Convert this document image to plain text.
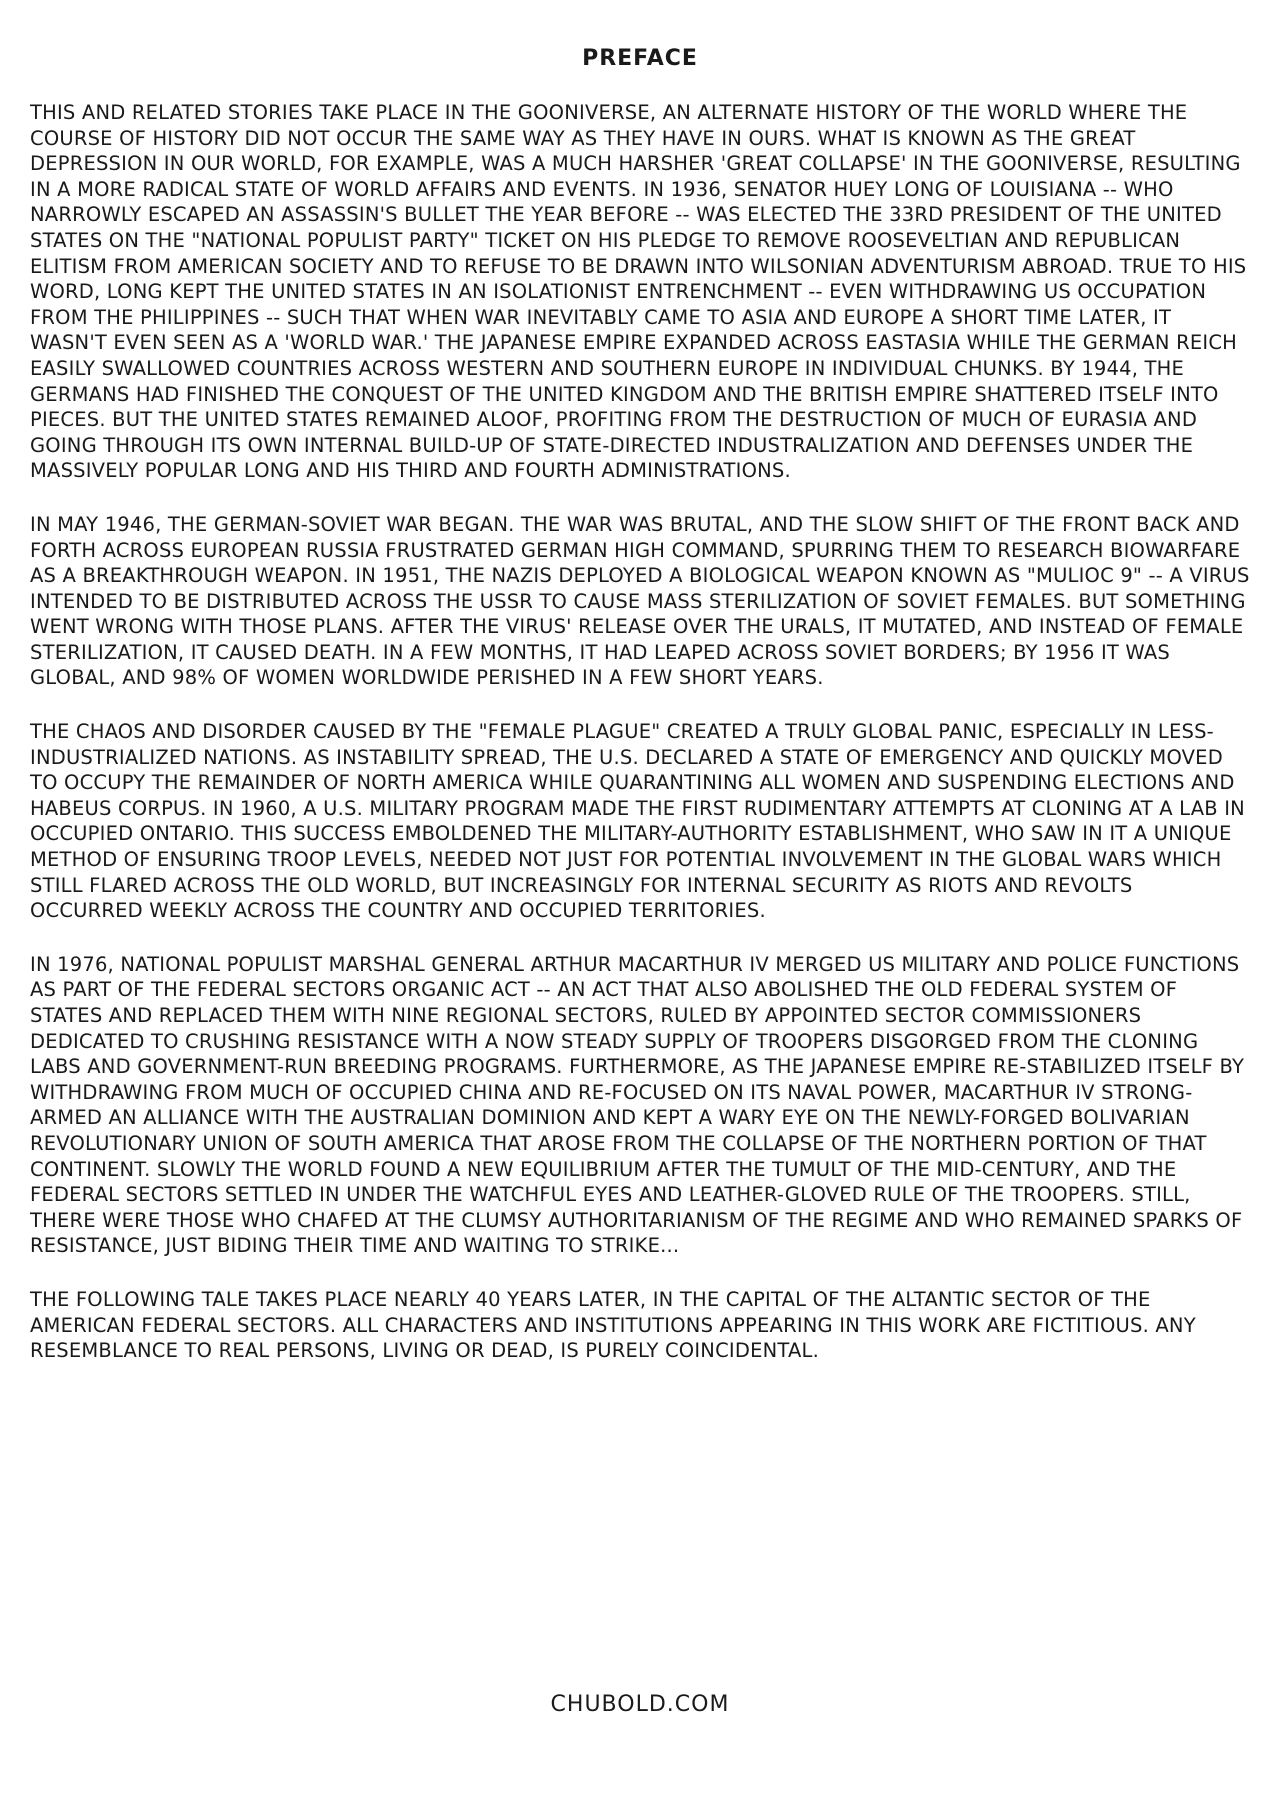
PREFACE

THIS AND RELATED STORIES TAKE PLACE IN THE GOONIVERSE, AN ALTERNATE HISTORY OF THE WORLD WHERE THE COURSE OF HISTORY DID NOT OCCUR THE SAME WAY AS THEY HAVE IN OURS. WHAT IS KNOWN AS THE GREAT DEPRESSION IN OUR WORLD, FOR EXAMPLE, WAS A MUCH HARSHER 'GREAT COLLAPSE' IN THE GOONIVERSE, RESULTING IN A MORE RADICAL STATE OF WORLD AFFAIRS AND EVENTS. IN 1936, SENATOR HUEY LONG OF LOUISIANA -- WHO NARROWLY ESCAPED AN ASSASSIN'S BULLET THE YEAR BEFORE -- WAS ELECTED THE 33RD PRESIDENT OF THE UNITED STATES ON THE "NATIONAL POPULIST PARTY" TICKET ON HIS PLEDGE TO REMOVE ROOSEVELTIAN AND REPUBLICAN ELITISM FROM AMERICAN SOCIETY AND TO REFUSE TO BE DRAWN INTO WILSONIAN ADVENTURISM ABROAD. TRUE TO HIS WORD, LONG KEPT THE UNITED STATES IN AN ISOLATIONIST ENTRENCHMENT -- EVEN WITHDRAWING US OCCUPATION FROM THE PHILIPPINES -- SUCH THAT WHEN WAR INEVITABLY CAME TO ASIA AND EUROPE A SHORT TIME LATER, IT WASN'T EVEN SEEN AS A 'WORLD WAR.' THE JAPANESE EMPIRE EXPANDED ACROSS EASTASIA WHILE THE GERMAN REICH EASILY SWALLOWED COUNTRIES ACROSS WESTERN AND SOUTHERN EUROPE IN INDIVIDUAL CHUNKS. BY 1944, THE GERMANS HAD FINISHED THE CONQUEST OF THE UNITED KINGDOM AND THE BRITISH EMPIRE SHATTERED ITSELF INTO PIECES. BUT THE UNITED STATES REMAINED ALOOF, PROFITING FROM THE DESTRUCTION OF MUCH OF EURASIA AND GOING THROUGH ITS OWN INTERNAL BUILD-UP OF STATE-DIRECTED INDUSTRALIZATION AND DEFENSES UNDER THE MASSIVELY POPULAR LONG AND HIS THIRD AND FOURTH ADMINISTRATIONS.

IN MAY 1946, THE GERMAN-SOVIET WAR BEGAN. THE WAR WAS BRUTAL, AND THE SLOW SHIFT OF THE FRONT BACK AND FORTH ACROSS EUROPEAN RUSSIA FRUSTRATED GERMAN HIGH COMMAND, SPURRING THEM TO RESEARCH BIOWARFARE AS A BREAKTHROUGH WEAPON. IN 1951, THE NAZIS DEPLOYED A BIOLOGICAL WEAPON KNOWN AS "MULIOC 9" -- A VIRUS INTENDED TO BE DISTRIBUTED ACROSS THE USSR TO CAUSE MASS STERILIZATION OF SOVIET FEMALES. BUT SOMETHING WENT WRONG WITH THOSE PLANS. AFTER THE VIRUS' RELEASE OVER THE URALS, IT MUTATED, AND INSTEAD OF FEMALE STERILIZATION, IT CAUSED DEATH. IN A FEW MONTHS, IT HAD LEAPED ACROSS SOVIET BORDERS; BY 1956 IT WAS GLOBAL, AND 98% OF WOMEN WORLDWIDE PERISHED IN A FEW SHORT YEARS.

THE CHAOS AND DISORDER CAUSED BY THE "FEMALE PLAGUE" CREATED A TRULY GLOBAL PANIC, ESPECIALLY IN LESS-INDUSTRIALIZED NATIONS. AS INSTABILITY SPREAD, THE U.S. DECLARED A STATE OF EMERGENCY AND QUICKLY MOVED TO OCCUPY THE REMAINDER OF NORTH AMERICA WHILE QUARANTINING ALL WOMEN AND SUSPENDING ELECTIONS AND HABEUS CORPUS. IN 1960, A U.S. MILITARY PROGRAM MADE THE FIRST RUDIMENTARY ATTEMPTS AT CLONING AT A LAB IN OCCUPIED ONTARIO. THIS SUCCESS EMBOLDENED THE MILITARY-AUTHORITY ESTABLISHMENT, WHO SAW IN IT A UNIQUE METHOD OF ENSURING TROOP LEVELS, NEEDED NOT JUST FOR POTENTIAL INVOLVEMENT IN THE GLOBAL WARS WHICH STILL FLARED ACROSS THE OLD WORLD, BUT INCREASINGLY FOR INTERNAL SECURITY AS RIOTS AND REVOLTS OCCURRED WEEKLY ACROSS THE COUNTRY AND OCCUPIED TERRITORIES.

IN 1976, NATIONAL POPULIST MARSHAL GENERAL ARTHUR MACARTHUR IV MERGED US MILITARY AND POLICE FUNCTIONS AS PART OF THE FEDERAL SECTORS ORGANIC ACT -- AN ACT THAT ALSO ABOLISHED THE OLD FEDERAL SYSTEM OF STATES AND REPLACED THEM WITH NINE REGIONAL SECTORS, RULED BY APPOINTED SECTOR COMMISSIONERS DEDICATED TO CRUSHING RESISTANCE WITH A NOW STEADY SUPPLY OF TROOPERS DISGORGED FROM THE CLONING LABS AND GOVERNMENT-RUN BREEDING PROGRAMS. FURTHERMORE, AS THE JAPANESE EMPIRE RE-STABILIZED ITSELF BY WITHDRAWING FROM MUCH OF OCCUPIED CHINA AND RE-FOCUSED ON ITS NAVAL POWER, MACARTHUR IV STRONG-ARMED AN ALLIANCE WITH THE AUSTRALIAN DOMINION AND KEPT A WARY EYE ON THE NEWLY-FORGED BOLIVARIAN REVOLUTIONARY UNION OF SOUTH AMERICA THAT AROSE FROM THE COLLAPSE OF THE NORTHERN PORTION OF THAT CONTINENT. SLOWLY THE WORLD FOUND A NEW EQUILIBRIUM AFTER THE TUMULT OF THE MID-CENTURY, AND THE FEDERAL SECTORS SETTLED IN UNDER THE WATCHFUL EYES AND LEATHER-GLOVED RULE OF THE TROOPERS. STILL, THERE WERE THOSE WHO CHAFED AT THE CLUMSY AUTHORITARIANISM OF THE REGIME AND WHO REMAINED SPARKS OF RESISTANCE, JUST BIDING THEIR TIME AND WAITING TO STRIKE...

THE FOLLOWING TALE TAKES PLACE NEARLY 40 YEARS LATER, IN THE CAPITAL OF THE ALTANTIC SECTOR OF THE AMERICAN FEDERAL SECTORS. ALL CHARACTERS AND INSTITUTIONS APPEARING IN THIS WORK ARE FICTITIOUS. ANY RESEMBLANCE TO REAL PERSONS, LIVING OR DEAD, IS PURELY COINCIDENTAL.

CHUBOLD.COM
